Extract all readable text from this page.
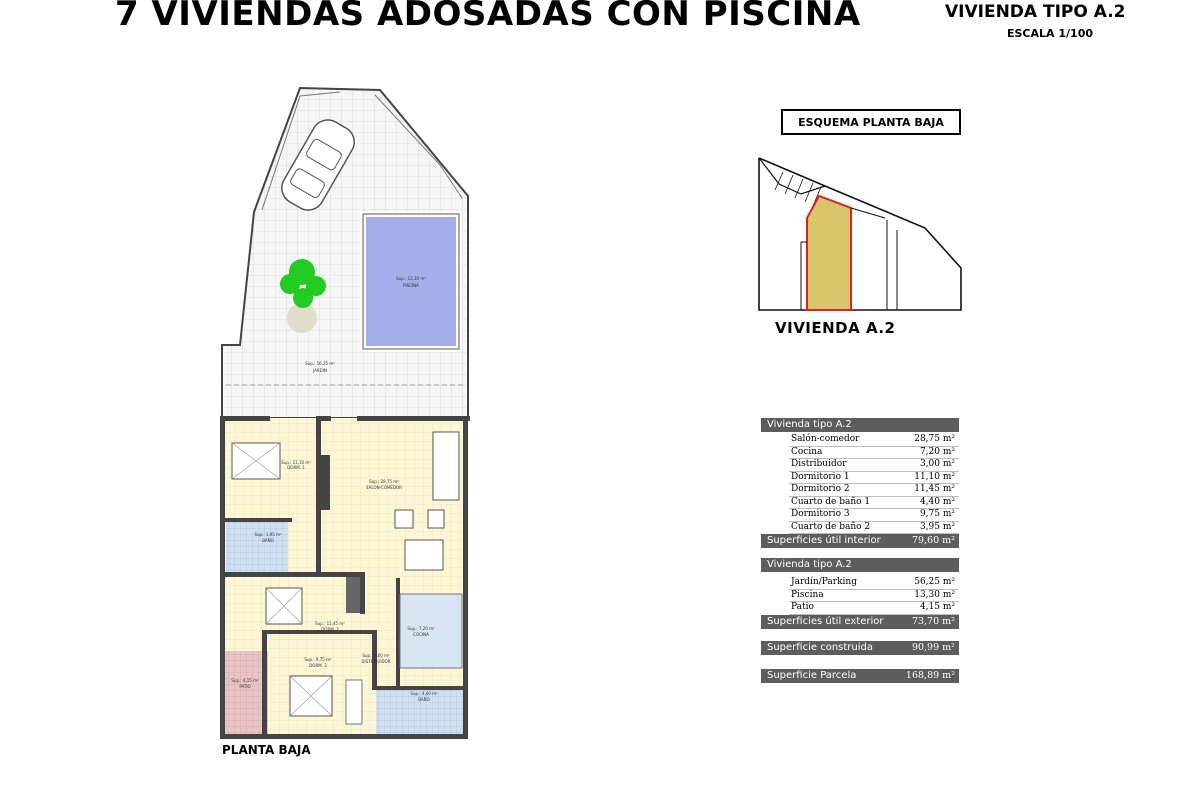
7 VIVIENDAS ADOSADAS CON PISCINA	VIVIENDA TIPO A.2
ESCALA 1/100
Sup.: 13,30 m²
PISCINA
Sup.: 56,25 m²
JARDIN
Sup.: 11,10 m²
DORM. 1
Sup.: 28,75 m²
SALON-COMEDOR
Sup.: 3,95 m²
BAÑO
Sup.: 11,45 m²
DORM. 2	Sup.: 7,20 m²
COCINA
Sup.: 3,00 m²
DISTRIBUIDOR
Sup.: 9,75 m²
DORM. 3
Sup.: 4,15 m²
PATIO
Sup.: 4,40 m²
BAÑO
PLANTA BAJA
ESQUEMA PLANTA BAJA
VIVIENDA A.2
Vivienda tipo A.2
Salón-comedor	28,75 m²
Cocina	7,20 m²
Distribuidor	3,00 m²
Dormitorio 1	11,10 m²
Dormitorio 2	11,45 m²
Cuarto de baño 1	4,40 m²
Dormitorio 3	9,75 m²
Cuarto de baño 2	3,95 m²
Superficies útil interior	79,60 m²
Vivienda tipo A.2
Jardín/Parking	56,25 m²
Piscina	13,30 m²
Patio	4,15 m²
Superficies útil exterior	73,70 m²
Superficie construida	90,99 m²
Superficie Parcela	168,89 m²
